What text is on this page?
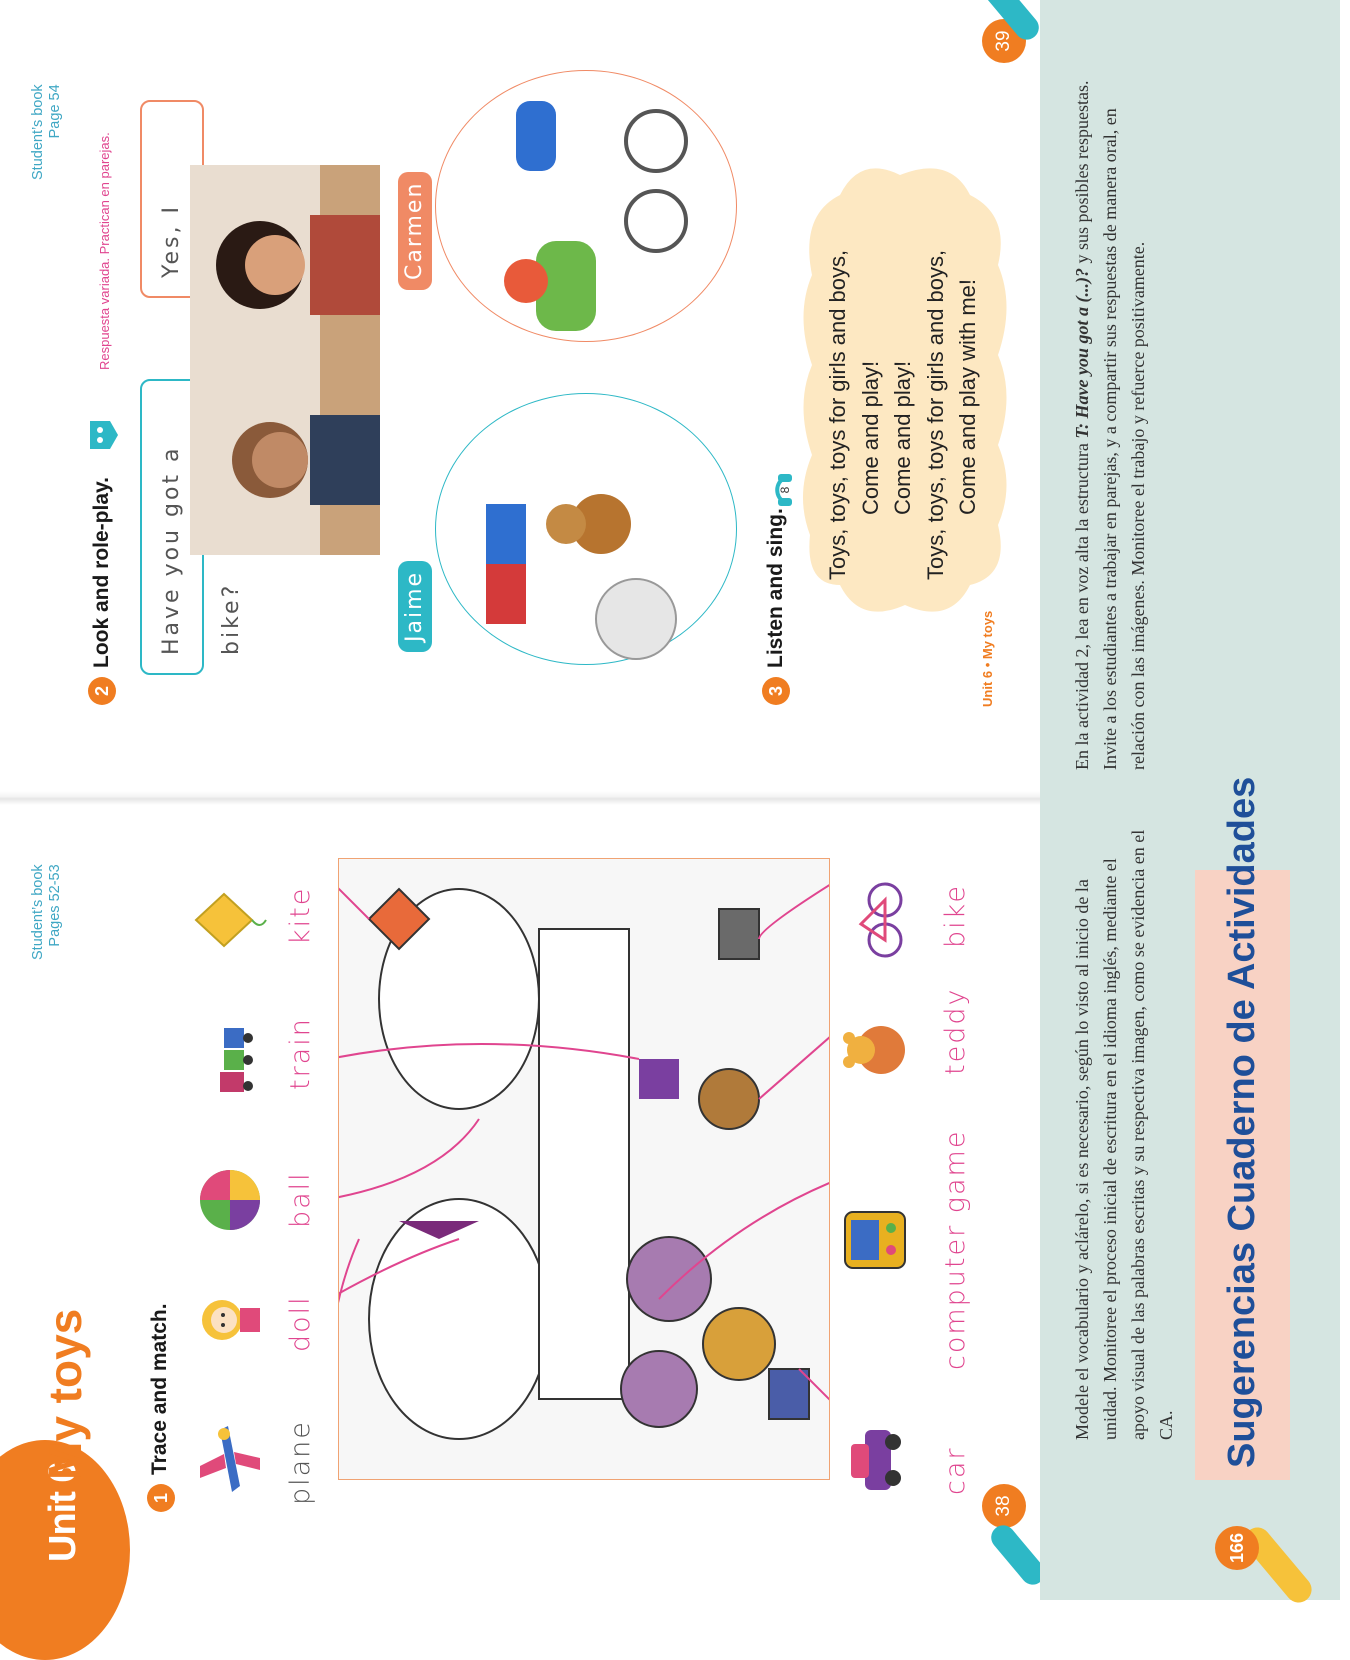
Unit 6
My toys
Student’s book Pages 52-53
1
Trace and match.	plane
doll
ball
train
kite
car
computer game
teddy
bike
38
Student’s book Page 54
2
Look and role-play.
Respuesta variada. Practican en parejas.
Have you got a bike?
Yes, I
Jaime
Carmen
3
Listen and sing.
8 Toys, toys, toys for girls and boys, Come and play! Come and play! Toys, toys, toys for girls and boys, Come and play with me!
Unit 6 • My toys
39
Modele el vocabulario y aclárelo, si es necesario, según lo visto al inicio de la unidad. Monitoree el proceso inicial de escritura en el idioma inglés, mediante el apoyo visual de las palabras escritas y su respectiva imagen, como se evidencia en el CA.
En la actividad 2, lea en voz alta la estructura T: Have you got a (...)? y sus posibles respuestas. Invite a los estudiantes a trabajar en parejas, y a compartir sus respuestas de manera oral, en relación con las imágenes. Monitoree el trabajo y refuerce positivamente.
Sugerencias Cuaderno de Actividades
166
